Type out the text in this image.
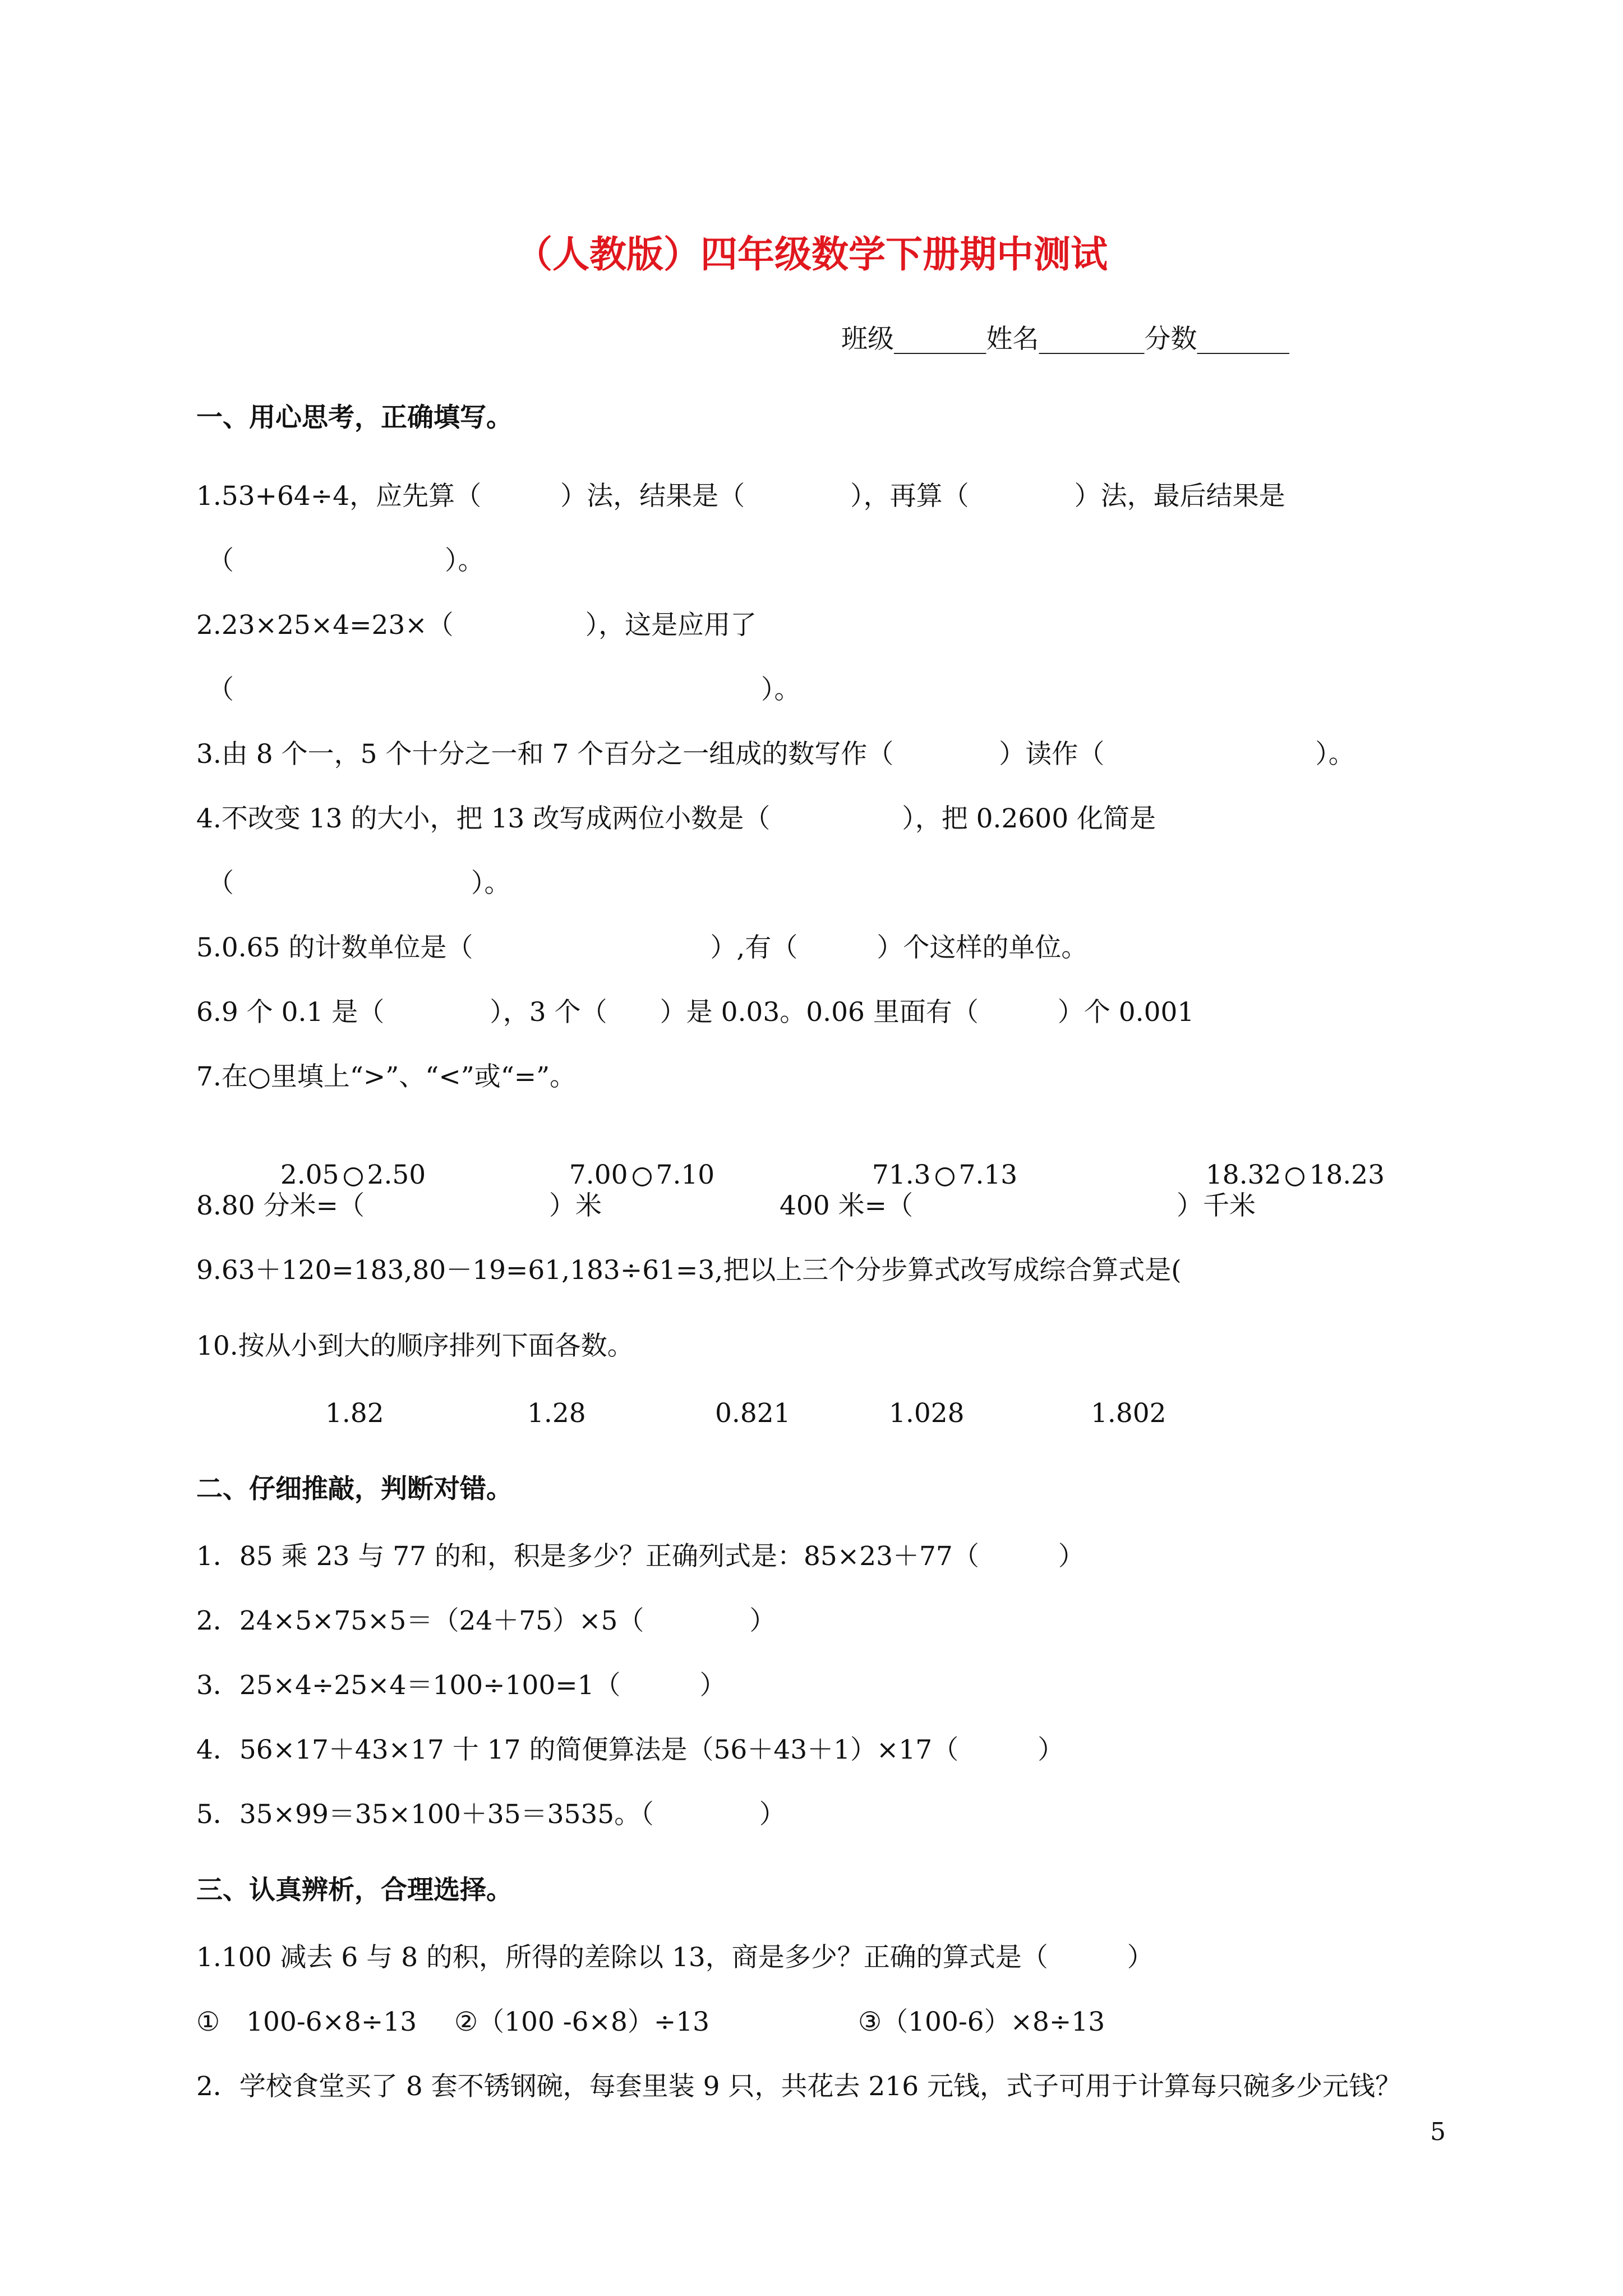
（人教版）四年级数学下册期中测试
班级_______姓名________分数_______
一、用心思考，正确填写。
1.53+64÷4，应先算（　　　）法，结果是（　　　　），再算（　　　　）法，最后结果是
（　　　　　　　　）。
2.23×25×4=23×（　　　　　），这是应用了
（　　　　　　　　　　　　　　　　　　　　）。
3.由 8 个一，5 个十分之一和 7 个百分之一组成的数写作（　　　　）读作（　　　　　　　　）。
4.不改变 13 的大小，把 13 改写成两位小数是（　　　　　），把 0.2600 化简是
（　　　　　　　　　）。
5.0.65 的计数单位是（　　　　　　　　　）,有（　　　）个这样的单位。
6.9 个 0.1 是（　　　　），3 个（　　）是 0.03。0.06 里面有（　　　）个 0.001
7.在○里填上“>”、“<”或“=”。

2.05 2.50	7.00 7.10	71.3 7.13	18.32 18.23

8.80 分米=（　　　　　　　）米	400 米=（　　　　　　　　　　）千米
9.63＋120=183,80－19=61,183÷61=3,把以上三个分步算式改写成综合算式是(
10.按从小到大的顺序排列下面各数。
1.82	1.28	0.821	1.028	1.802
二、仔细推敲，判断对错。
1．85 乘 23 与 77 的和，积是多少？正确列式是：85×23＋77（　　　）
2．24×5×75×5＝（24＋75）×5（　　　　）
3．25×4÷25×4＝100÷100=1（　　　）
4．56×17＋43×17 十 17 的简便算法是（56＋43＋1）×17（　　　）
5．35×99＝35×100＋35＝3535。（　　　　）
三、认真辨析，合理选择。
1.100 减去 6 与 8 的积，所得的差除以 13，商是多少？正确的算式是（　　　）
①　100-6×8÷13 ②（100 -6×8）÷13	③（100-6）×8÷13
2．学校食堂买了 8 套不锈钢碗，每套里装 9 只，共花去 216 元钱，式子可用于计算每只碗多少元钱？
5
